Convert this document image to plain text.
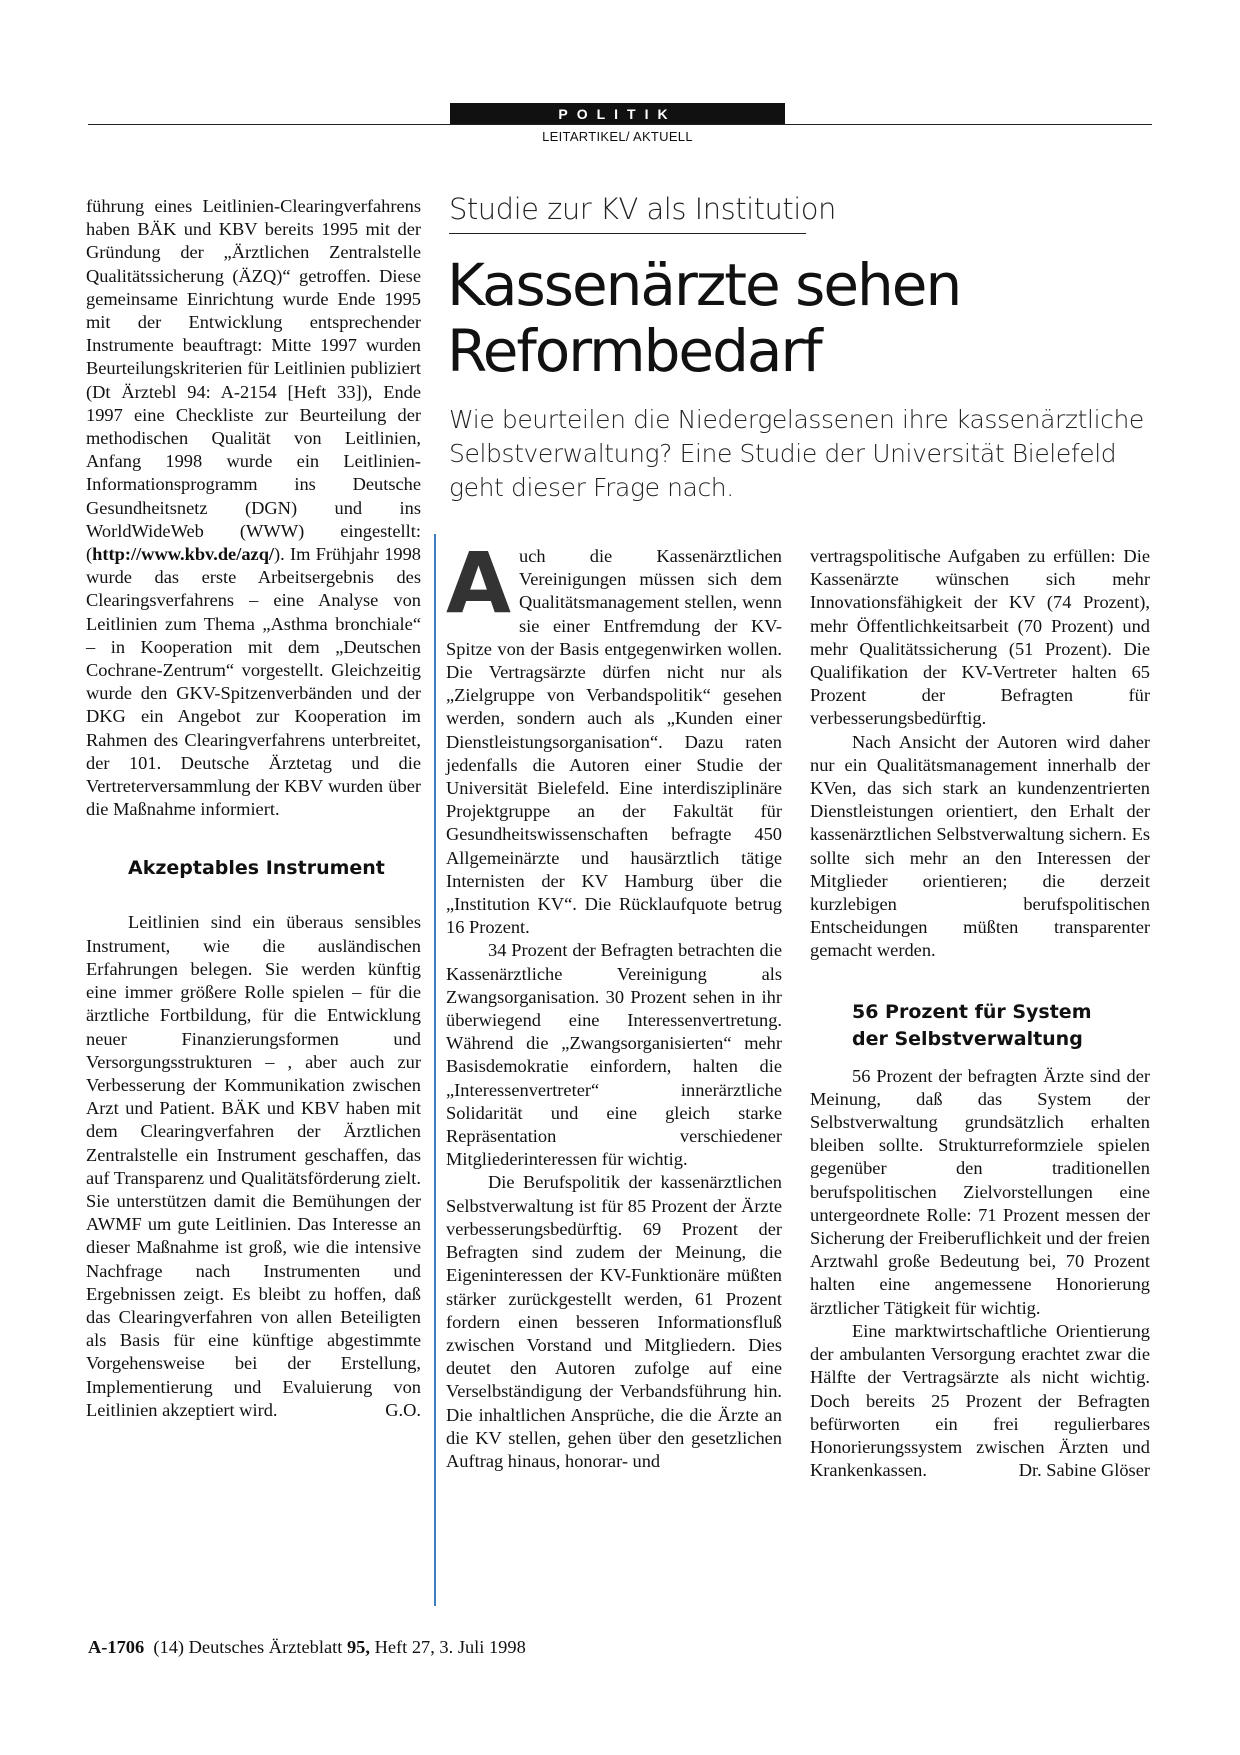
POLITIK
LEITARTIKEL/ AKTUELL

führung eines Leitlinien-Clearingverfahrens haben BÄK und KBV bereits 1995 mit der Gründung der „Ärztlichen Zentralstelle Qualitätssicherung (ÄZQ)“ getroffen. Diese gemeinsame Einrichtung wurde Ende 1995 mit der Entwicklung entsprechender Instrumente beauftragt: Mitte 1997 wurden Beurteilungskriterien für Leitlinien publiziert (Dt Ärztebl 94: A-2154 [Heft 33]), Ende 1997 eine Checkliste zur Beurteilung der methodischen Qualität von Leitlinien, Anfang 1998 wurde ein Leitlinien-Informationsprogramm ins Deutsche Gesundheitsnetz (DGN) und ins WorldWideWeb (WWW) eingestellt: (http://www.kbv.de/azq/). Im Frühjahr 1998 wurde das erste Arbeitsergebnis des Clearingsverfahrens – eine Analyse von Leitlinien zum Thema „Asthma bronchiale“ – in Kooperation mit dem „Deutschen Cochrane-Zentrum“ vorgestellt. Gleichzeitig wurde den GKV-Spitzenverbänden und der DKG ein Angebot zur Kooperation im Rahmen des Clearingverfahrens unterbreitet, der 101. Deutsche Ärztetag und die Vertreterversammlung der KBV wurden über die Maßnahme informiert.

Akzeptables Instrument

Leitlinien sind ein überaus sensibles Instrument, wie die ausländischen Erfahrungen belegen. Sie werden künftig eine immer größere Rolle spielen – für die ärztliche Fortbildung, für die Entwicklung neuer Finanzierungsformen und Versorgungsstrukturen – , aber auch zur Verbesserung der Kommunikation zwischen Arzt und Patient. BÄK und KBV haben mit dem Clearingverfahren der Ärztlichen Zentralstelle ein Instrument geschaffen, das auf Transparenz und Qualitätsförderung zielt. Sie unterstützen damit die Bemühungen der AWMF um gute Leitlinien. Das Interesse an dieser Maßnahme ist groß, wie die intensive Nachfrage nach Instrumenten und Ergebnissen zeigt. Es bleibt zu hoffen, daß das Clearingverfahren von allen Beteiligten als Basis für eine künftige abgestimmte Vorgehensweise bei der Erstellung, Implementierung und Evaluierung von Leitlinien akzeptiert wird.	G.O.

Studie zur KV als Institution
Kassenärzte sehen
Reformbedarf

Wie beurteilen die Niedergelassenen ihre kassenärztliche Selbstverwaltung? Eine Studie der Universität Bielefeld geht dieser Frage nach.

Auch die Kassenärztlichen Vereinigungen müssen sich dem Qualitätsmanagement stellen, wenn sie einer Entfremdung der KV-Spitze von der Basis entgegenwirken wollen. Die Vertragsärzte dürfen nicht nur als „Zielgruppe von Verbandspolitik“ gesehen werden, sondern auch als „Kunden einer Dienstleistungsorganisation“. Dazu raten jedenfalls die Autoren einer Studie der Universität Bielefeld. Eine interdisziplinäre Projektgruppe an der Fakultät für Gesundheitswissenschaften befragte 450 Allgemeinärzte und hausärztlich tätige Internisten der KV Hamburg über die „Institution KV“. Die Rücklaufquote betrug 16 Prozent.

34 Prozent der Befragten betrachten die Kassenärztliche Vereinigung als Zwangsorganisation. 30 Prozent sehen in ihr überwiegend eine Interessenvertretung. Während die „Zwangsorganisierten“ mehr Basisdemokratie einfordern, halten die „Interessenvertreter“ innerärztliche Solidarität und eine gleich starke Repräsentation verschiedener Mitgliederinteressen für wichtig.

Die Berufspolitik der kassenärztlichen Selbstverwaltung ist für 85 Prozent der Ärzte verbesserungsbedürftig. 69 Prozent der Befragten sind zudem der Meinung, die Eigeninteressen der KV-Funktionäre müßten stärker zurückgestellt werden, 61 Prozent fordern einen besseren Informationsfluß zwischen Vorstand und Mitgliedern. Dies deutet den Autoren zufolge auf eine Verselbständigung der Verbandsführung hin. Die inhaltlichen Ansprüche, die die Ärzte an die KV stellen, gehen über den gesetzlichen Auftrag hinaus, honorar- und

vertragspolitische Aufgaben zu erfüllen: Die Kassenärzte wünschen sich mehr Innovationsfähigkeit der KV (74 Prozent), mehr Öffentlichkeitsarbeit (70 Prozent) und mehr Qualitätssicherung (51 Prozent). Die Qualifikation der KV-Vertreter halten 65 Prozent der Befragten für verbesserungsbedürftig.

Nach Ansicht der Autoren wird daher nur ein Qualitätsmanagement innerhalb der KVen, das sich stark an kundenzentrierten Dienstleistungen orientiert, den Erhalt der kassenärztlichen Selbstverwaltung sichern. Es sollte sich mehr an den Interessen der Mitglieder orientieren; die derzeit kurzlebigen berufspolitischen Entscheidungen müßten transparenter gemacht werden.

56 Prozent für System
der Selbstverwaltung

56 Prozent der befragten Ärzte sind der Meinung, daß das System der Selbstverwaltung grundsätzlich erhalten bleiben sollte. Strukturreformziele spielen gegenüber den traditionellen berufspolitischen Zielvorstellungen eine untergeordnete Rolle: 71 Prozent messen der Sicherung der Freiberuflichkeit und der freien Arztwahl große Bedeutung bei, 70 Prozent halten eine angemessene Honorierung ärztlicher Tätigkeit für wichtig.

Eine marktwirtschaftliche Orientierung der ambulanten Versorgung erachtet zwar die Hälfte der Vertragsärzte als nicht wichtig. Doch bereits 25 Prozent der Befragten befürworten ein frei regulierbares Honorierungssystem zwischen Ärzten und Krankenkassen.	Dr. Sabine Glöser

A-1706 (14) Deutsches Ärzteblatt 95, Heft 27, 3. Juli 1998
